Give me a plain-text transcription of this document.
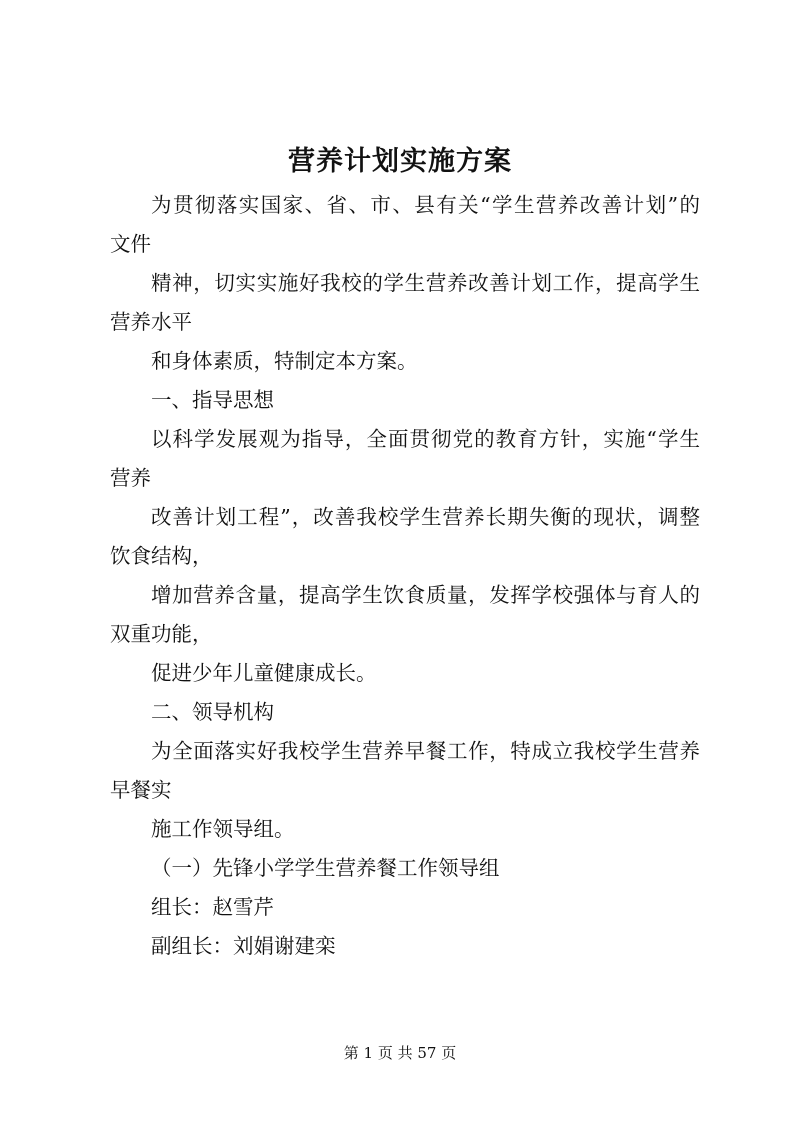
营养计划实施方案
为贯彻落实国家、省、市、县有关“学生营养改善计划”的
文件
精神，切实实施好我校的学生营养改善计划工作，提高学生
营养水平
和身体素质，特制定本方案。
一、指导思想
以科学发展观为指导，全面贯彻党的教育方针，实施“学生
营养
改善计划工程”，改善我校学生营养长期失衡的现状，调整
饮食结构，
增加营养含量，提高学生饮食质量，发挥学校强体与育人的
双重功能，
促进少年儿童健康成长。
二、领导机构
为全面落实好我校学生营养早餐工作，特成立我校学生营养
早餐实
施工作领导组。
（一）先锋小学学生营养餐工作领导组
组长：赵雪芹
副组长：刘娟谢建栾
第 1 页 共 57 页
